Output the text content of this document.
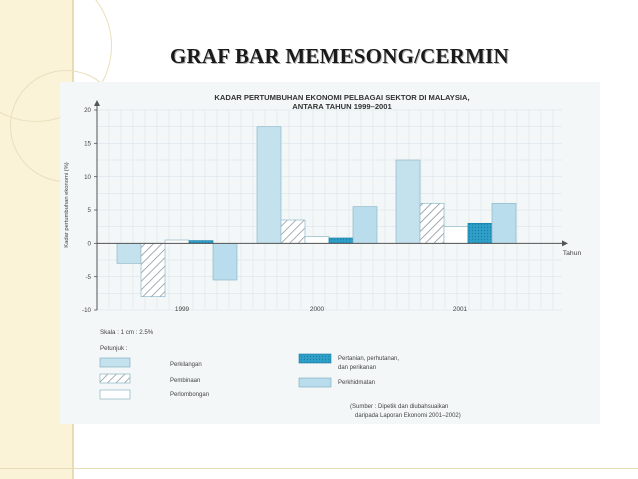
GRAF BAR MEMESONG/CERMIN
KADAR PERTUMBUHAN EKONOMI PELBAGAI SEKTOR DI MALAYSIA,
ANTARA TAHUN 1999–2001
Kadar pertumbuhan ekonomi (%)
Tahun
20
15
10
5
0
-5
-10	1999	2000	2001
Skala : 1 cm : 2.5%
Petunjuk :
Perkilangan
Pembinaan
Perlombongan
Pertanian, perhutanan,
dan perikanan
Perkhidmatan
(Sumber : Dipetik dan diubahsuaikan
daripada Laporan Ekonomi 2001–2002)
